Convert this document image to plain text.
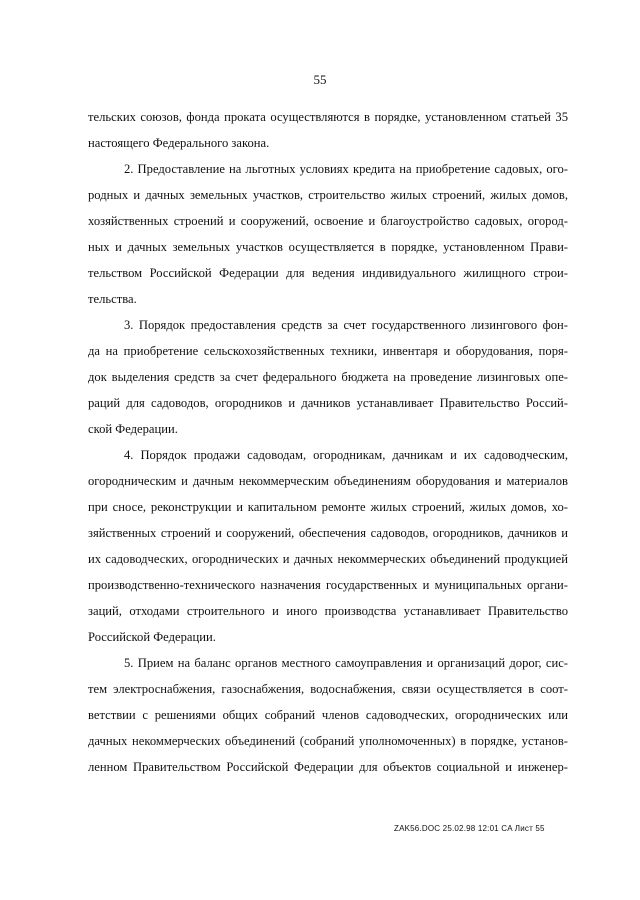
55

тельских союзов, фонда проката осуществляются в порядке, установленном статьей 35
настоящего Федерального закона.

2. Предоставление на льготных условиях кредита на приобретение садовых, ого-
родных и дачных земельных участков, строительство жилых строений, жилых домов,
хозяйственных строений и сооружений, освоение и благоустройство садовых, огород-
ных и дачных земельных участков осуществляется в порядке, установленном Прави-
тельством Российской Федерации для ведения индивидуального жилищного строи-
тельства.

3. Порядок предоставления средств за счет государственного лизингового фон-
да на приобретение сельскохозяйственных техники, инвентаря и оборудования, поря-
док выделения средств за счет федерального бюджета на проведение лизинговых опе-
раций для садоводов, огородников и дачников устанавливает Правительство Россий-
ской Федерации.

4. Порядок продажи садоводам, огородникам, дачникам и их садоводческим,
огородническим и дачным некоммерческим объединениям оборудования и материалов
при сносе, реконструкции и капитальном ремонте жилых строений, жилых домов, хо-
зяйственных строений и сооружений, обеспечения садоводов, огородников, дачников и
их садоводческих, огороднических и дачных некоммерческих объединений продукцией
производственно-технического назначения государственных и муниципальных органи-
заций, отходами строительного и иного производства устанавливает Правительство
Российской Федерации.

5. Прием на баланс органов местного самоуправления и организаций дорог, сис-
тем электроснабжения, газоснабжения, водоснабжения, связи осуществляется в соот-
ветствии с решениями общих собраний членов садоводческих, огороднических или
дачных некоммерческих объединений (собраний уполномоченных) в порядке, установ-
ленном Правительством Российской Федерации для объектов социальной и инженер-

ZAK56.DOC 25.02.98 12:01 CA Лист 55
